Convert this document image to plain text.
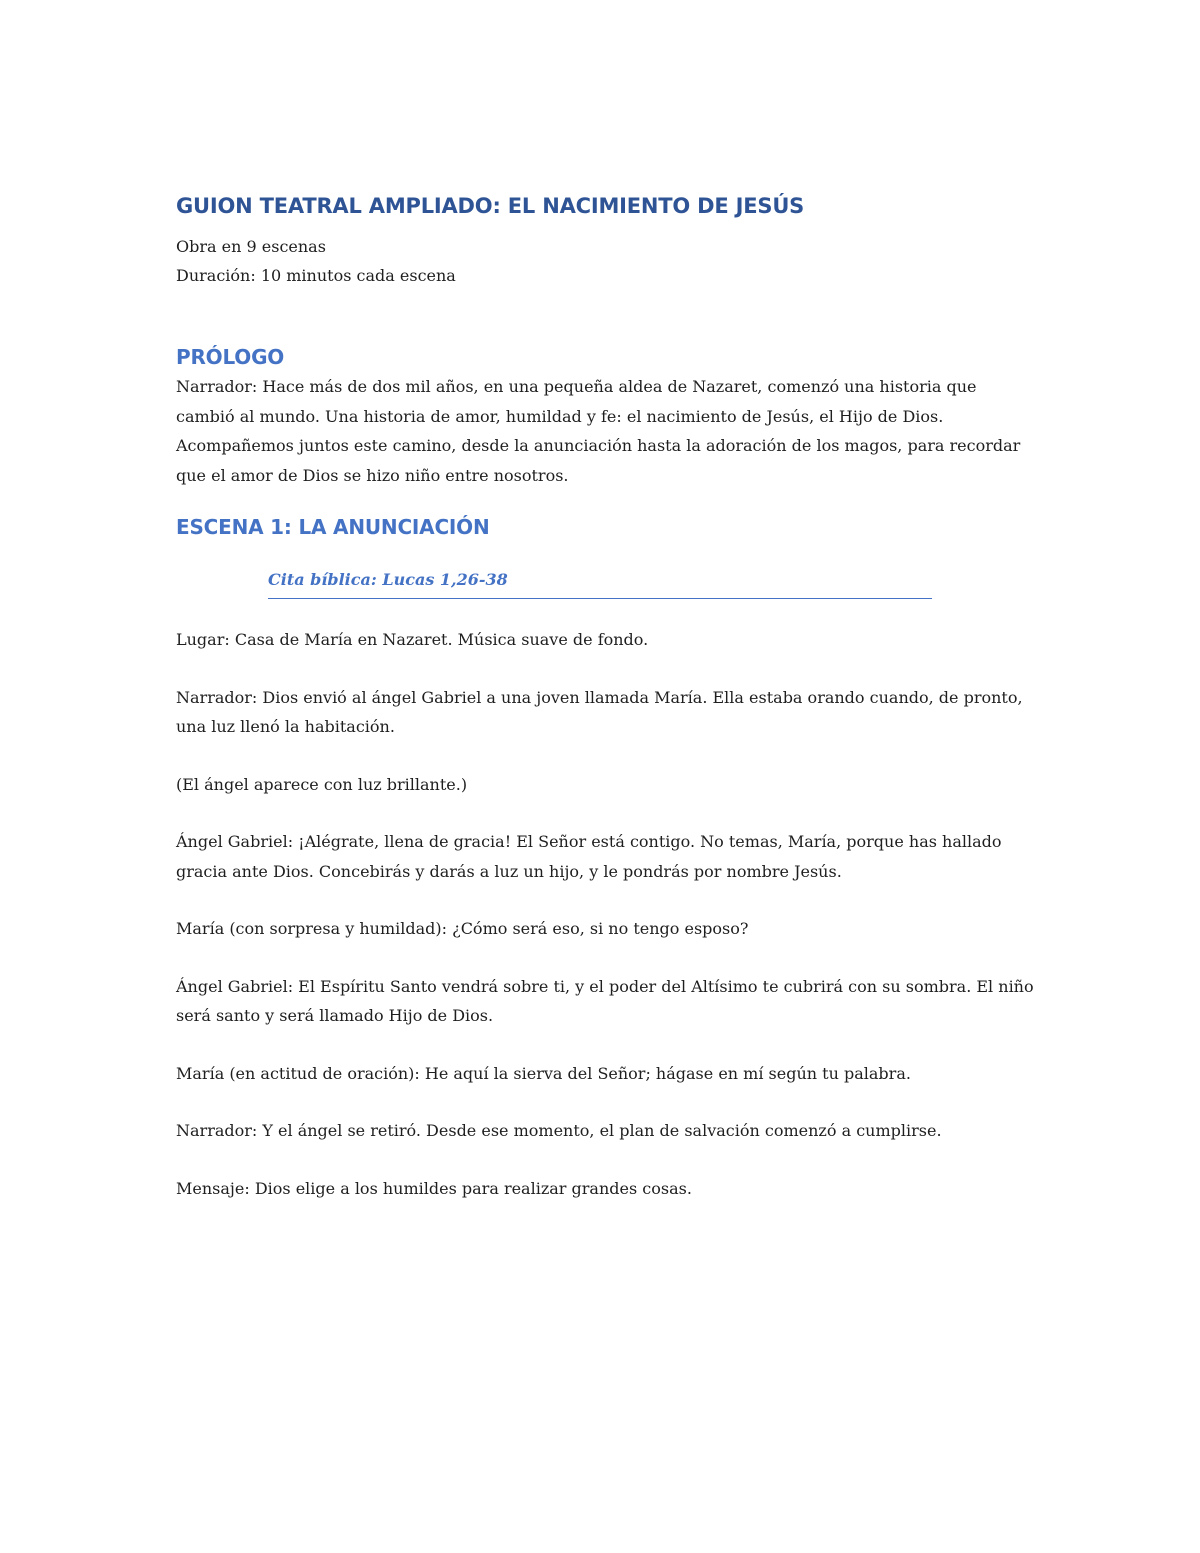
GUION TEATRAL AMPLIADO: EL NACIMIENTO DE JESÚS

Obra en 9 escenas

Duración: 10 minutos cada escena

PRÓLOGO

Narrador: Hace más de dos mil años, en una pequeña aldea de Nazaret, comenzó una historia que cambió al mundo. Una historia de amor, humildad y fe: el nacimiento de Jesús, el Hijo de Dios. Acompañemos juntos este camino, desde la anunciación hasta la adoración de los magos, para recordar que el amor de Dios se hizo niño entre nosotros.

ESCENA 1: LA ANUNCIACIÓN

Cita bíblica: Lucas 1,26-38

Lugar: Casa de María en Nazaret. Música suave de fondo.

Narrador: Dios envió al ángel Gabriel a una joven llamada María. Ella estaba orando cuando, de pronto, una luz llenó la habitación.

(El ángel aparece con luz brillante.)

Ángel Gabriel: ¡Alégrate, llena de gracia! El Señor está contigo. No temas, María, porque has hallado gracia ante Dios. Concebirás y darás a luz un hijo, y le pondrás por nombre Jesús.

María (con sorpresa y humildad): ¿Cómo será eso, si no tengo esposo?

Ángel Gabriel: El Espíritu Santo vendrá sobre ti, y el poder del Altísimo te cubrirá con su sombra. El niño será santo y será llamado Hijo de Dios.

María (en actitud de oración): He aquí la sierva del Señor; hágase en mí según tu palabra.

Narrador: Y el ángel se retiró. Desde ese momento, el plan de salvación comenzó a cumplirse.

Mensaje: Dios elige a los humildes para realizar grandes cosas.
